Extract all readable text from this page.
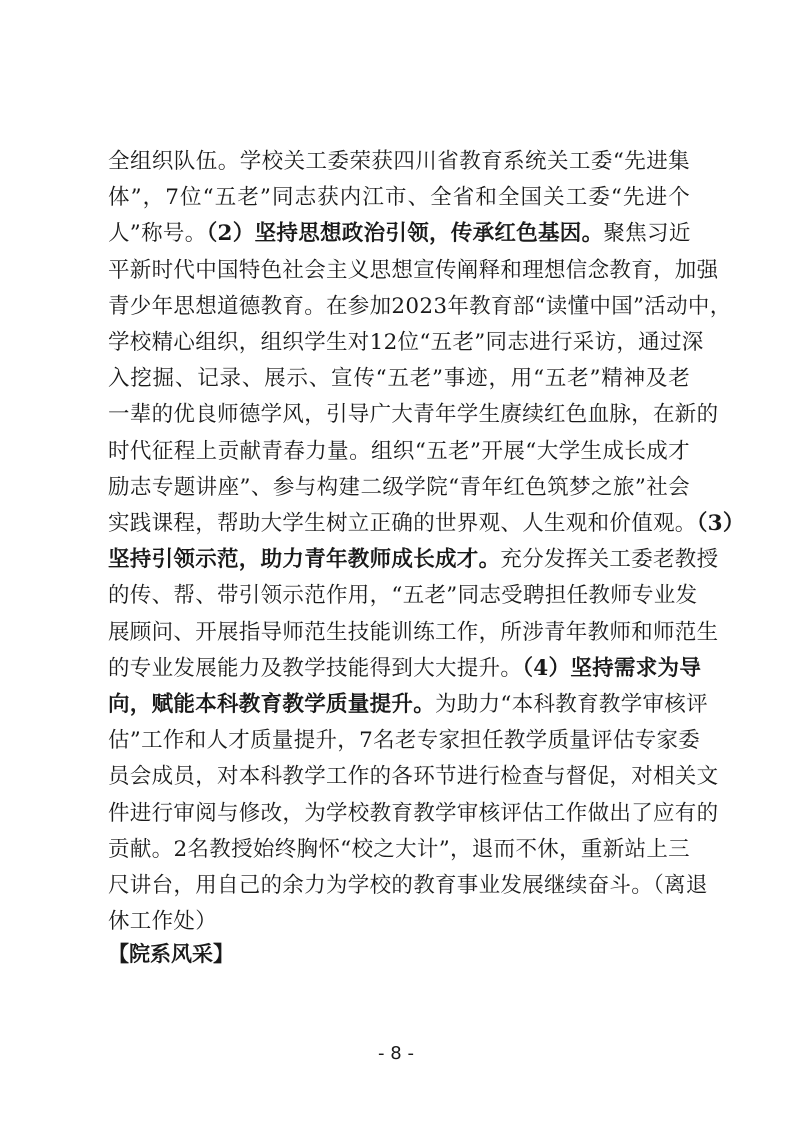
全组织队伍。学校关工委荣获四川省教育系统关工委“先进集
体”，7位“五老”同志获内江市、全省和全国关工委“先进个
人”称号。（2）坚持思想政治引领，传承红色基因。聚焦习近
平新时代中国特色社会主义思想宣传阐释和理想信念教育，加强
青少年思想道德教育。在参加2023年教育部“读懂中国”活动中，
学校精心组织，组织学生对12位“五老”同志进行采访，通过深
入挖掘、记录、展示、宣传“五老”事迹，用“五老”精神及老
一辈的优良师德学风，引导广大青年学生赓续红色血脉，在新的
时代征程上贡献青春力量。组织“五老”开展“大学生成长成才
励志专题讲座”、参与构建二级学院“青年红色筑梦之旅”社会
实践课程，帮助大学生树立正确的世界观、人生观和价值观。（3）
坚持引领示范，助力青年教师成长成才。充分发挥关工委老教授
的传、帮、带引领示范作用，“五老”同志受聘担任教师专业发
展顾问、开展指导师范生技能训练工作，所涉青年教师和师范生
的专业发展能力及教学技能得到大大提升。（4）坚持需求为导
向，赋能本科教育教学质量提升。为助力“本科教育教学审核评
估”工作和人才质量提升，7名老专家担任教学质量评估专家委
员会成员，对本科教学工作的各环节进行检查与督促，对相关文
件进行审阅与修改，为学校教育教学审核评估工作做出了应有的
贡献。2名教授始终胸怀“校之大计”，退而不休，重新站上三
尺讲台，用自己的余力为学校的教育事业发展继续奋斗。（离退
休工作处）
【院系风采】
- 8 -
